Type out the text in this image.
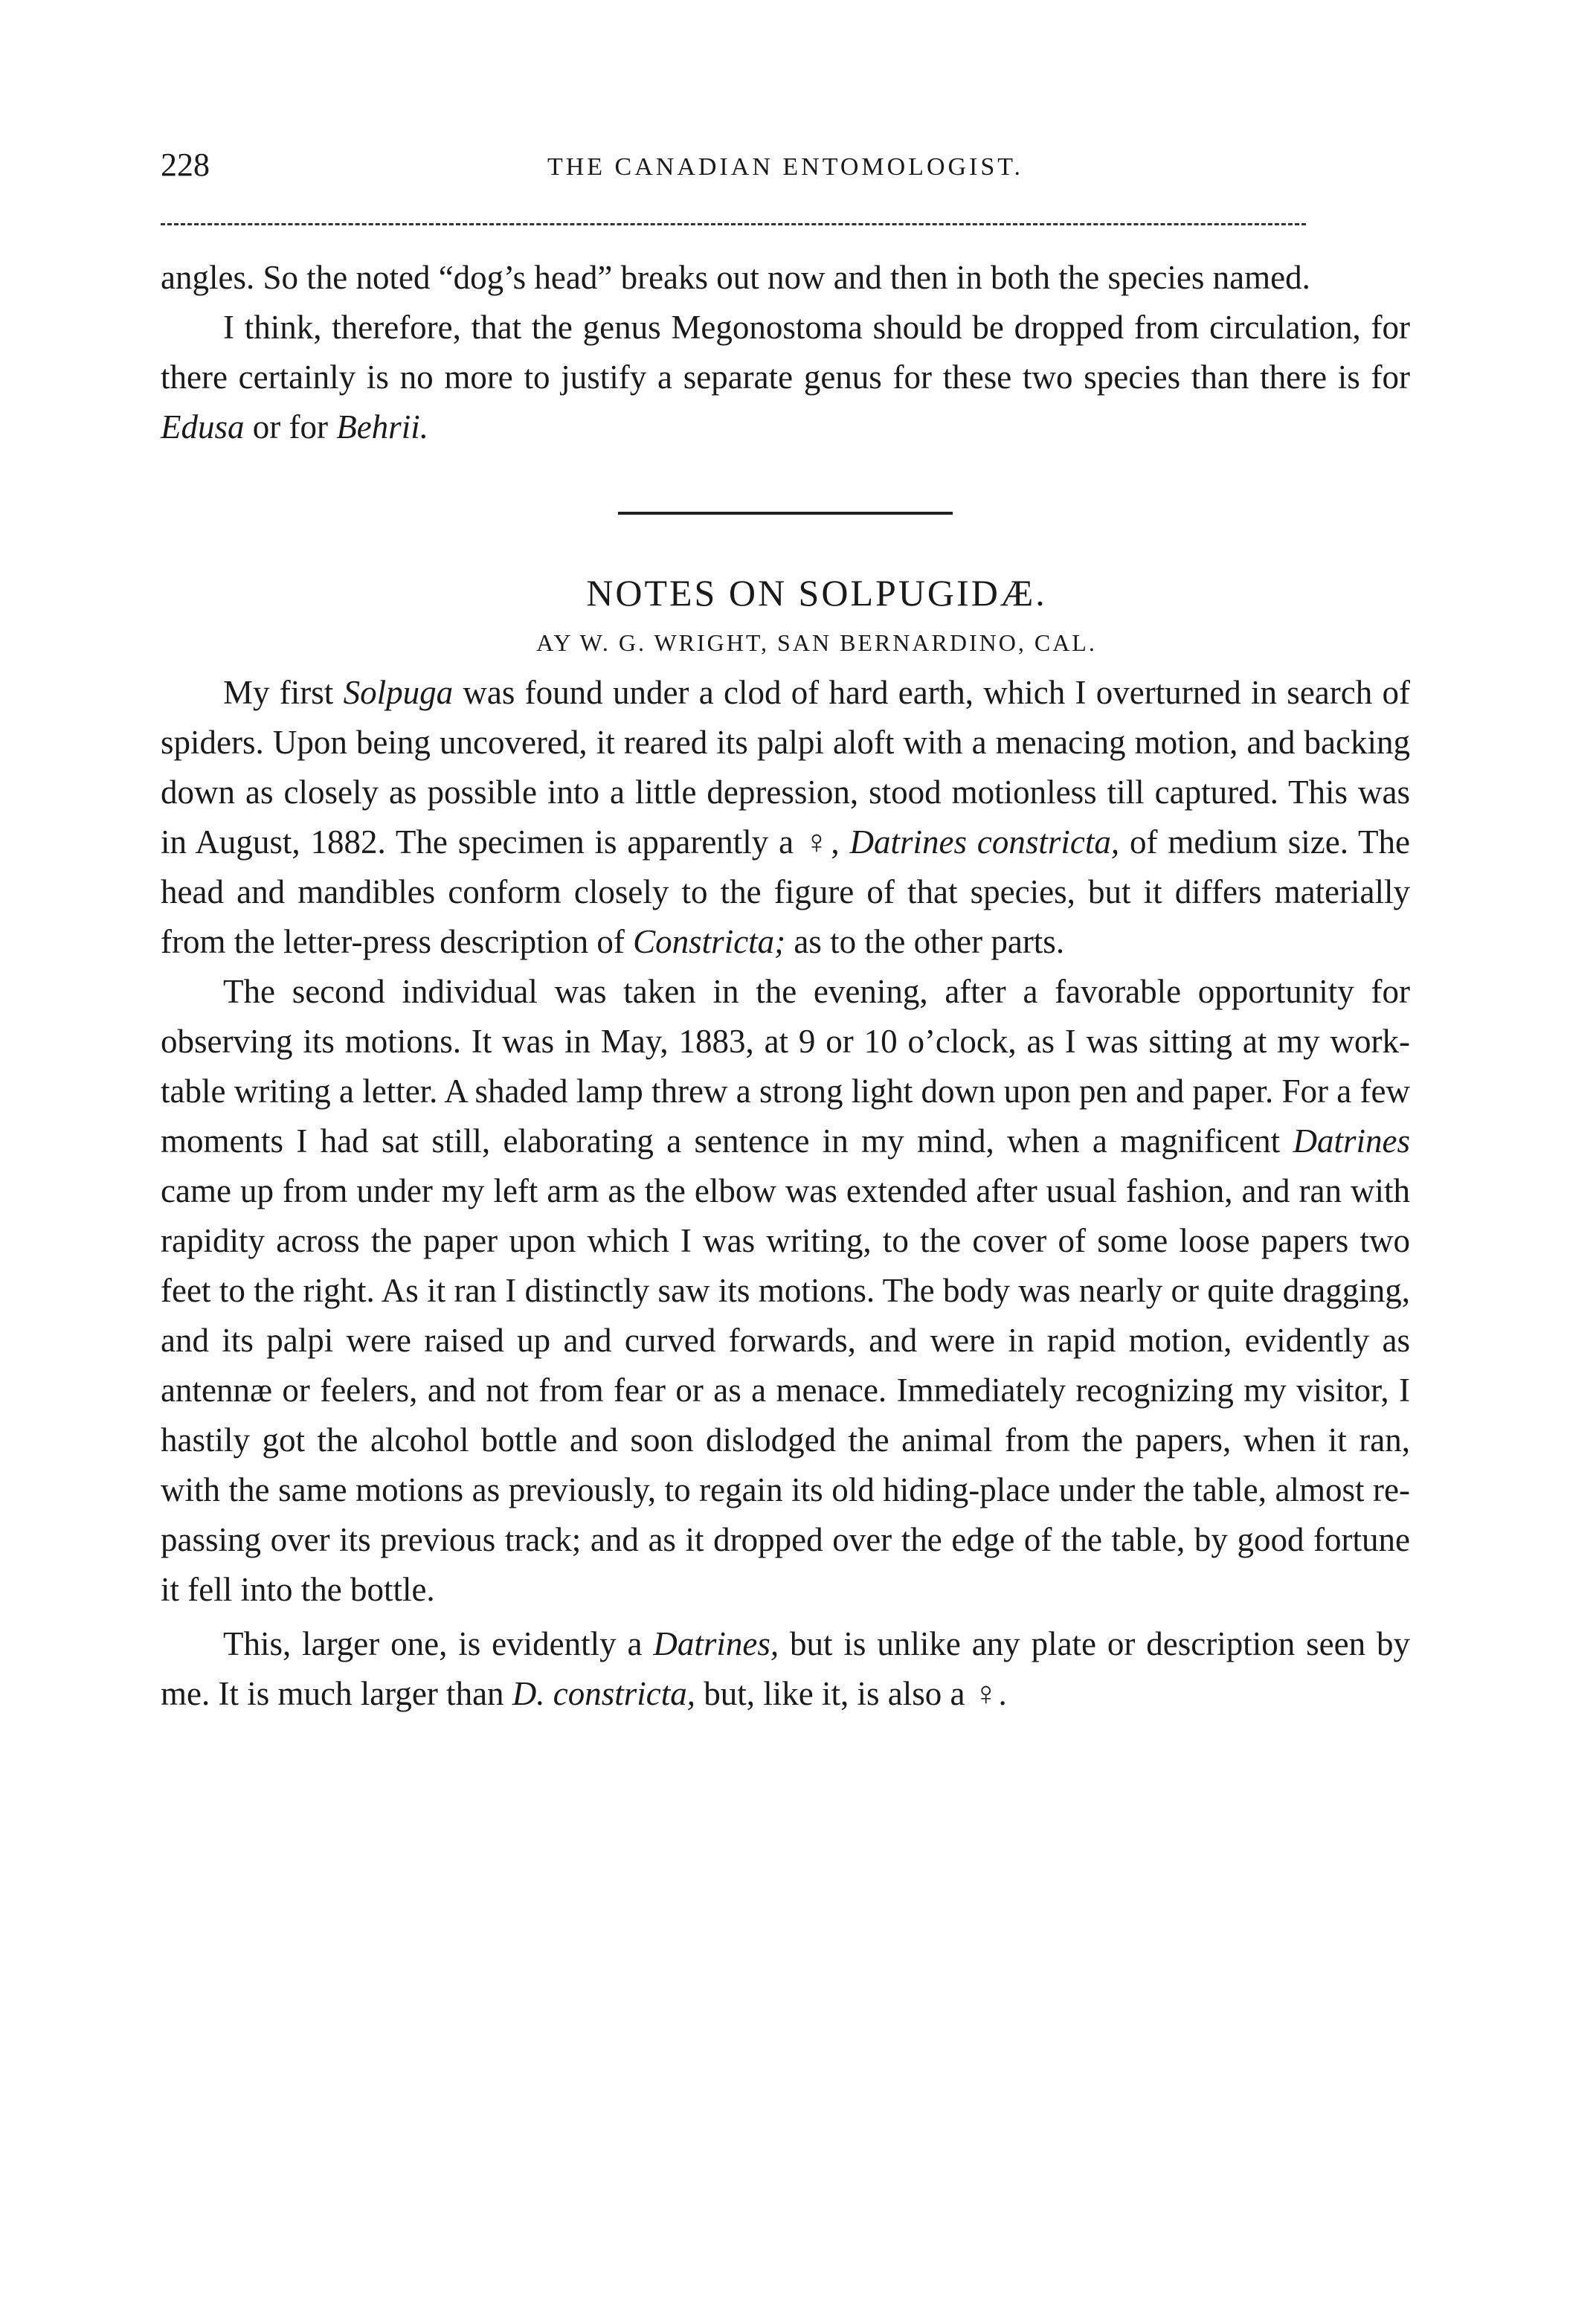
228	THE CANADIAN ENTOMOLOGIST.

angles. So the noted “dog’s head” breaks out now and then in both the species named.

I think, therefore, that the genus Megonostoma should be dropped from circulation, for there certainly is no more to justify a separate genus for these two species than there is for Edusa or for Behrii.

NOTES ON SOLPUGIDÆ.

AY W. G. WRIGHT, SAN BERNARDINO, CAL.

My first Solpuga was found under a clod of hard earth, which I overturned in search of spiders. Upon being uncovered, it reared its palpi aloft with a menacing motion, and backing down as closely as possible into a little depression, stood motionless till captured. This was in August, 1882. The specimen is apparently a ♀, Datrines constricta, of medium size. The head and mandibles conform closely to the figure of that species, but it differs materially from the letter-press description of Constricta; as to the other parts.

The second individual was taken in the evening, after a favorable opportunity for observing its motions. It was in May, 1883, at 9 or 10 o’clock, as I was sitting at my work-table writing a letter. A shaded lamp threw a strong light down upon pen and paper. For a few moments I had sat still, elaborating a sentence in my mind, when a magnificent Datrines came up from under my left arm as the elbow was extended after usual fashion, and ran with rapidity across the paper upon which I was writing, to the cover of some loose papers two feet to the right. As it ran I distinctly saw its motions. The body was nearly or quite dragging, and its palpi were raised up and curved forwards, and were in rapid motion, evidently as antennæ or feelers, and not from fear or as a menace. Immediately recognizing my visitor, I hastily got the alcohol bottle and soon dislodged the animal from the papers, when it ran, with the same motions as previously, to regain its old hiding-place under the table, almost re-passing over its previous track; and as it dropped over the edge of the table, by good fortune it fell into the bottle.

This, larger one, is evidently a Datrines, but is unlike any plate or description seen by me. It is much larger than D. constricta, but, like it, is also a ♀.
